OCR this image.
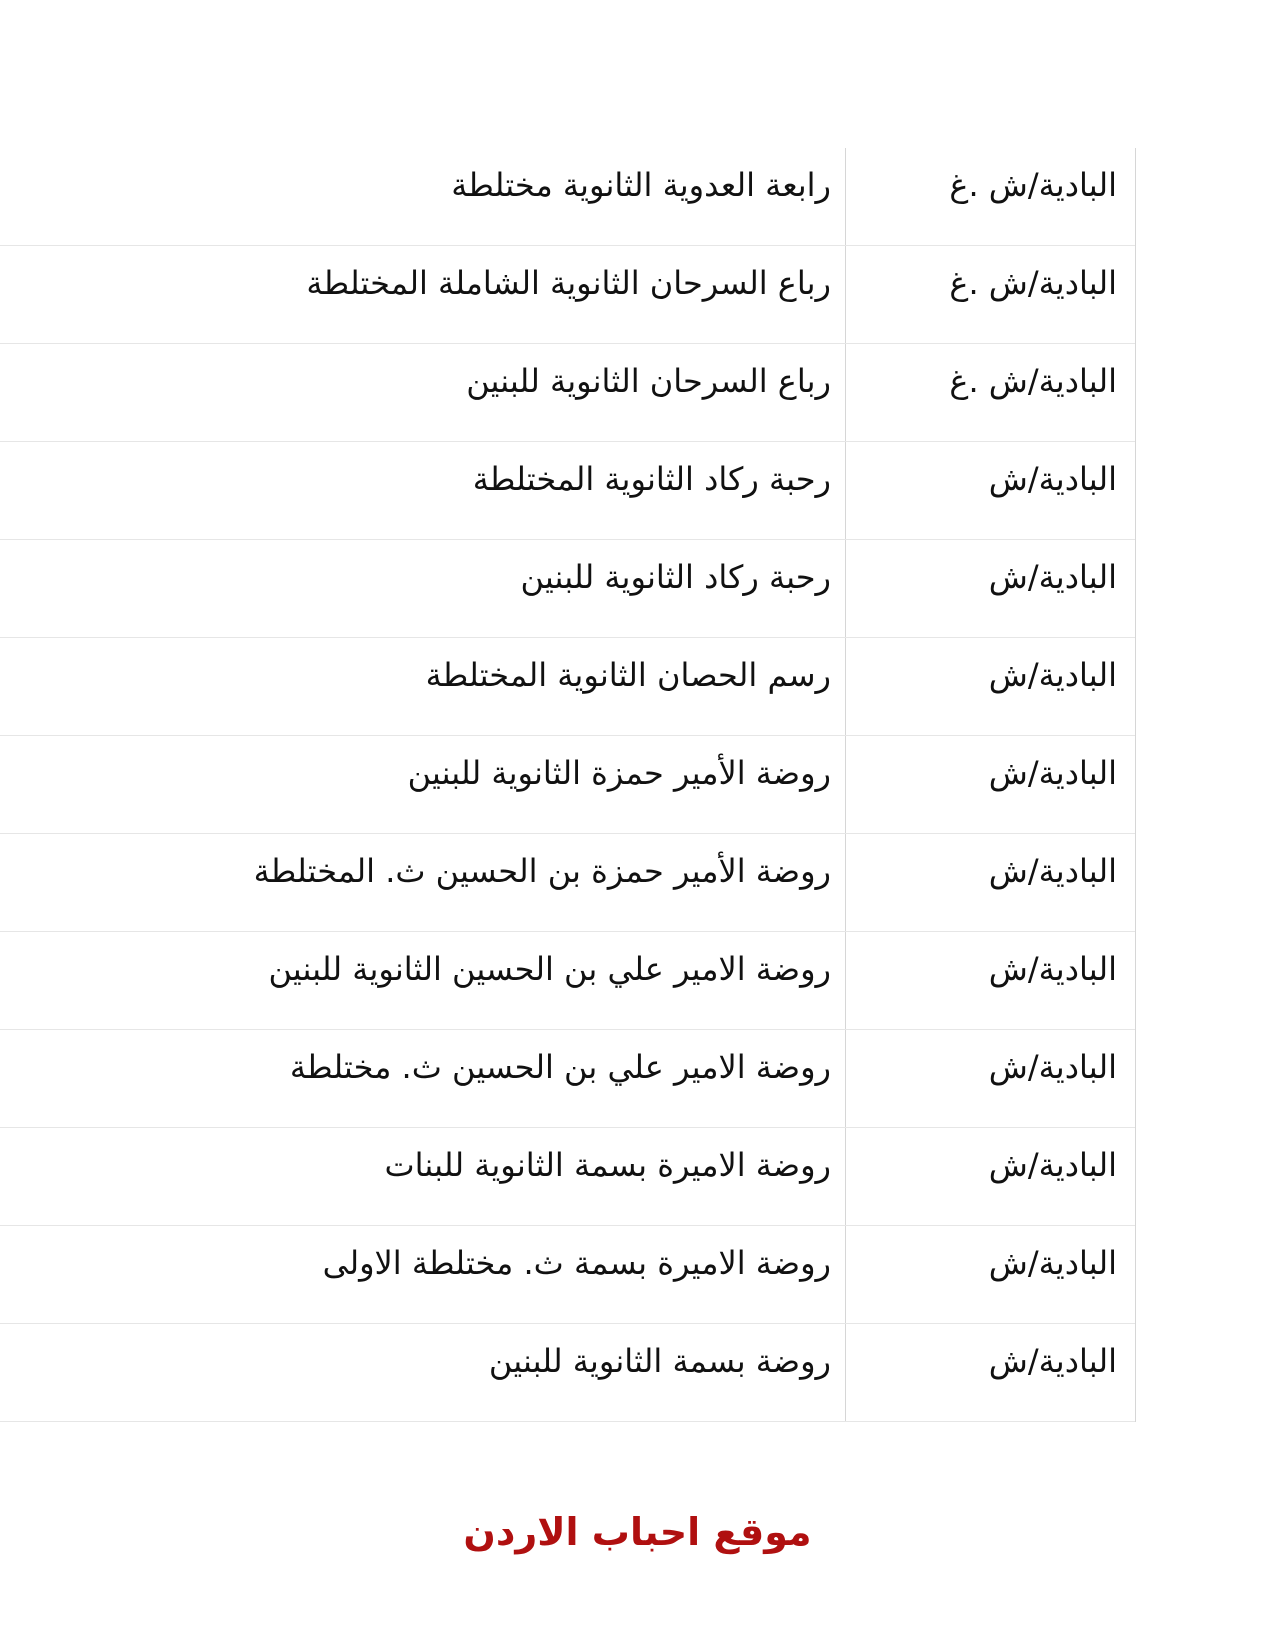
البادية/ش .غ
رابعة العدوية الثانوية مختلطة
البادية/ش .غ
رباع السرحان الثانوية الشاملة المختلطة
البادية/ش .غ
رباع السرحان الثانوية للبنين
البادية/ش
رحبة ركاد الثانوية المختلطة
البادية/ش
رحبة ركاد الثانوية للبنين
البادية/ش
رسم الحصان الثانوية المختلطة
البادية/ش
روضة الأمير حمزة الثانوية للبنين
البادية/ش
روضة الأمير حمزة بن الحسين ث. المختلطة
البادية/ش
روضة الامير علي بن الحسين الثانوية للبنين
البادية/ش
روضة الامير علي بن الحسين ث. مختلطة
البادية/ش
روضة الاميرة بسمة الثانوية للبنات
البادية/ش
روضة الاميرة بسمة ث. مختلطة الاولى
البادية/ش
روضة بسمة الثانوية للبنين
موقع احباب الاردن
